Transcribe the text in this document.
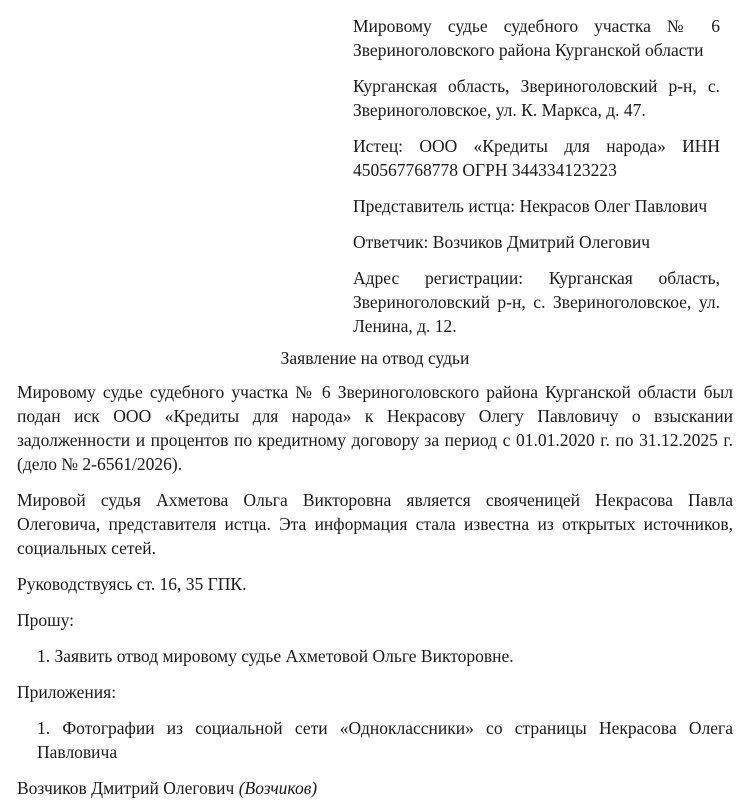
Мировому судье судебного участка № 6 Звериноголовского района Курганской области

Курганская область, Звериноголовский р-н, с. Звериноголовское, ул. К. Маркса, д. 47.

Истец: ООО «Кредиты для народа» ИНН 450567768778 ОГРН 344334123223

Представитель истца: Некрасов Олег Павлович

Ответчик: Возчиков Дмитрий Олегович

Адрес регистрации: Курганская область, Звериноголовский р-н, с. Звериноголовское, ул. Ленина, д. 12.

Заявление на отвод судьи

Мировому судье судебного участка № 6 Звериноголовского района Курганской области был подан иск ООО «Кредиты для народа» к Некрасову Олегу Павловичу о взыскании задолженности и процентов по кредитному договору за период с 01.01.2020 г. по 31.12.2025 г. (дело № 2-6561/2026).

Мировой судья Ахметова Ольга Викторовна является свояченицей Некрасова Павла Олеговича, представителя истца. Эта информация стала известна из открытых источников, социальных сетей.

Руководствуясь ст. 16, 35 ГПК.

Прошу:

1. Заявить отвод мировому судье Ахметовой Ольге Викторовне.

Приложения:

1. Фотографии из социальной сети «Одноклассники» со страницы Некрасова Олега Павловича

Возчиков Дмитрий Олегович (Возчиков)
